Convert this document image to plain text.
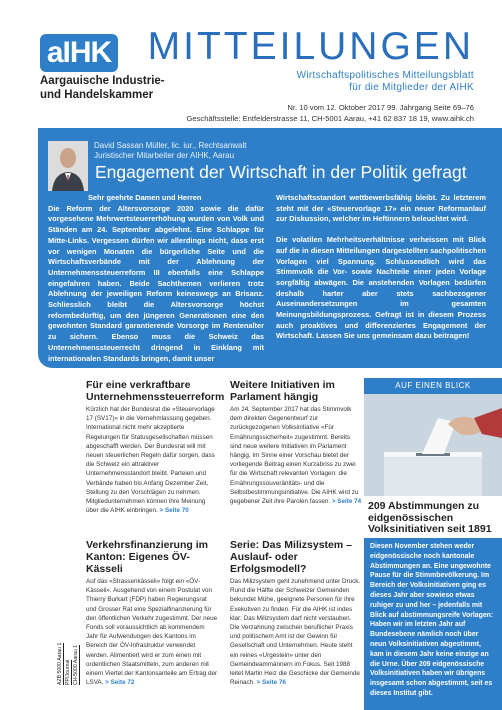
aIHK
Aargauische Industrie-
und Handelskammer
MITTEILUNGEN
Wirtschaftspolitisches Mitteilungsblatt
für die Mitglieder der AIHK
Nr. 10 vom 12. Oktober 2017 99. Jahrgang Seite 69–76
Geschäftsstelle: Entfelderstrasse 11, CH-5001 Aarau, +41 62 837 18 19, www.aihk.ch
David Sassan Müller, lic. iur., Rechtsanwalt
Juristischer Mitarbeiter der AIHK, Aarau
Engagement der Wirtschaft in der Politik gefragt
Sehr geehrte Damen und Herren
Die Reform der Altersvorsorge 2020 sowie die dafür vorgesehene Mehrwertsteuererhöhung wurden von Volk und Ständen am 24. September abgelehnt. Eine Schlappe für Mitte-Links. Vergessen dürfen wir allerdings nicht, dass erst vor wenigen Monaten die bürgerliche Seite und die Wirtschaftsverbände mit der Ablehnung der Unternehmenssteuerreform III ebenfalls eine Schlappe eingefahren haben. Beide Sachthemen verlieren trotz Ablehnung der jeweiligen Reform keineswegs an Brisanz. Schliesslich bleibt die Altersvorsorge höchst reformbedürftig, um den jüngeren Generationen eine den gewohnten Standard garantierende Vorsorge im Rentenalter zu sichern. Ebenso muss die Schweiz das Unternehmenssteuerrecht dringend in Einklang mit internationalen Standards bringen, damit unser

Wirtschaftsstandort wettbewerbsfähig bleibt. Zu letzterem steht mit der «Steuervorlage 17» ein neuer Reformanlauf zur Diskussion, welcher im Heftinnern beleuchtet wird.

Die volatilen Mehrheitsverhältnisse verheissen mit Blick auf die in diesen Mitteilungen dargestellten sachpolitischen Vorlagen viel Spannung. Schlussendlich wird das Stimmvolk die Vor- sowie Nachteile einer jeden Vorlage sorgfältig abwägen. Die anstehenden Vorlagen bedürfen deshalb harter aber stets sachbezogener Auseinandersetzungen im gesamten Meinungsbildungsprozess. Gefragt ist in diesem Prozess auch proaktives und differenziertes Engagement der Wirtschaft. Lassen Sie uns gemeinsam dazu beitragen!

Für eine verkraftbare Unternehmenssteuerreform

Kürzlich hat der Bundesrat die «Steuervorlage 17 (SV17)» in die Vernehmlassung gegeben. International nicht mehr akzeptierte Regelungen für Statusgesellschaften müssen abgeschafft werden. Der Bundesrat will mit neuen steuerlichen Regeln dafür sorgen, dass die Schweiz ein attraktiver Unternehmensstandort bleibt. Parteien und Verbände haben bis Anfang Dezember Zeit, Stellung zu den Vorschlägen zu nehmen. Mitgliedunternehmen können ihre Meinung über die AIHK einbringen. > Seite 70

Weitere Initiativen im Parlament hängig

Am 24. September 2017 hat das Stimmvolk dem direkten Gegenentwurf zur zurückgezogenen Volksinitiative «Für Ernährungssicherheit» zugestimmt. Bereits sind neue weitere Initiativen im Parlament hängig. Im Sinne einer Vorschau bietet der vorliegende Beitrag einen Kurzabriss zu zwei für die Wirtschaft relevanten Vorlagen: die Ernährungssouveränitäts- und die Selbstbestimmungsinitiative. Die AIHK wird zu gegebener Zeit ihre Parolen fassen. > Seite 74

Verkehrsfinanzierung im Kanton: Eigenes ÖV-Kässeli

Auf das «Strassenkässeli» folgt ein «ÖV-Kässeli». Ausgehend von einem Postulat von Thierry Burkart (FDP) haben Regierungsrat und Grosser Rat eine Spezialfinanzierung für den öffentlichen Verkehr zugestimmt. Der neue Fonds soll voraussichtlich ab kommendem Jahr für Aufwendungen des Kantons im Bereich der ÖV-Infrastruktur verwendet werden. Alimentiert wird er zum einen mit ordentlichen Staatsmitteln, zum anderen mit einem Viertel der Kantonsanteile am Ertrag der LSVA. > Seite 72

Serie: Das Milizsystem – Auslauf- oder Erfolgsmodell?

Das Milizsystem geht zunehmend unter Druck. Rund die Hälfte der Schweizer Gemeinden bekundet Mühe, geeignete Personen für ihre Exekutiven zu finden. Für die AIHK ist indes klar: Das Milizsystem darf nicht verstauben. Die Verzahnung zwischen beruflicher Praxis und politischem Amt ist der Gewinn für Gesellschaft und Unternehmen. Heute steht ein reines «Urgestein» unter den Gemeindeammännern im Fokus. Seit 1988 leitet Martin Heiz die Geschicke der Gemeinde Reinach. > Seite 76

AUF EINEN BLICK
209 Abstimmungen zu eidgenössischen Volksinitiativen seit 1891
Diesen November stehen weder eidgenössische noch kantonale Abstimmungen an. Eine ungewohnte Pause für die Stimmbevölkerung. Im Bereich der Volksinitiativen ging es dieses Jahr aber sowieso etwas ruhiger zu und her – jedenfalls mit Blick auf abstimmungsreife Vorlagen: Haben wir im letzten Jahr auf Bundesebene nämlich noch über neun Volksinitiativen abgestimmt, kam in diesem Jahr keine einzige an die Urne. Über 209 eidgenössische Volksinitiativen haben wir übrigens insgesamt schon abgestimmt, seit es dieses Institut gibt.
AZB 5000 Aarau 1 PP/Journal CH-5000 Aarau 1
